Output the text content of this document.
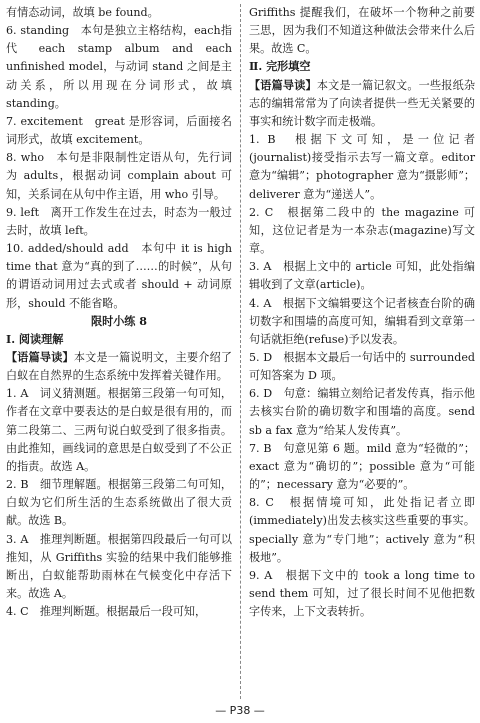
有情态动词，故填 be found。

6. standing　本句是独立主格结构，each指代 each stamp album and each unfinished model，与动词 stand 之间是主动关系，所以用现在分词形式，故填 standing。

7. excitement　great 是形容词，后面接名词形式，故填 excitement。

8. who　本句是非限制性定语从句，先行词为 adults，根据动词 complain about 可知，关系词在从句中作主语，用 who 引导。

9. left　离开工作发生在过去，时态为一般过去时，故填 left。

10. added/should add　本句中 it is high time that 意为“真的到了……的时候”，从句的谓语动词用过去式或者 should + 动词原形，should 不能省略。

限时小练 8

Ⅰ. 阅读理解

【语篇导读】本文是一篇说明文，主要介绍了白蚁在自然界的生态系统中发挥着关键作用。

1. A　词义猜测题。根据第三段第一句可知，作者在文章中要表达的是白蚁是很有用的，而第二段第二、三两句说白蚁受到了很多指责。由此推知，画线词的意思是白蚁受到了不公正的指责。故选 A。

2. B　细节理解题。根据第三段第二句可知，白蚁为它们所生活的生态系统做出了很大贡献。故选 B。

3. A　推理判断题。根据第四段最后一句可以推知，从 Griffiths 实验的结果中我们能够推断出，白蚁能帮助雨林在气候变化中存活下来。故选 A。

4. C　推理判断题。根据最后一段可知，

Griffiths 提醒我们，在破坏一个物种之前要三思，因为我们不知道这种做法会带来什么后果。故选 C。

Ⅱ. 完形填空

【语篇导读】本文是一篇记叙文。一些报纸杂志的编辑常常为了向读者提供一些无关紧要的事实和统计数字而走极端。

1. B　根据下文可知，是一位记者(journalist)接受指示去写一篇文章。editor 意为“编辑”；photographer 意为“摄影师”；deliverer 意为“递送人”。

2. C　根据第二段中的 the magazine 可知，这位记者是为一本杂志(magazine)写文章。

3. A　根据上文中的 article 可知，此处指编辑收到了文章(article)。

4. A　根据下文编辑要这个记者核查台阶的确切数字和围墙的高度可知，编辑看到文章第一句话就拒绝(refuse)予以发表。

5. D　根据本文最后一句话中的 surrounded 可知答案为 D 项。

6. D　句意：编辑立刻给记者发传真，指示他去核实台阶的确切数字和围墙的高度。send sb a fax 意为“给某人发传真”。

7. B　句意见第 6 题。mild 意为“轻微的”；exact 意为“确切的”；possible 意为“可能的”；necessary 意为“必要的”。

8. C　根据情境可知，此处指记者立即(immediately)出发去核实这些重要的事实。specially 意为“专门地”；actively 意为“积极地”。

9. A　根据下文中的 took a long time to send them 可知，过了很长时间不见他把数字传来，上下文表转折。

— P38 —
